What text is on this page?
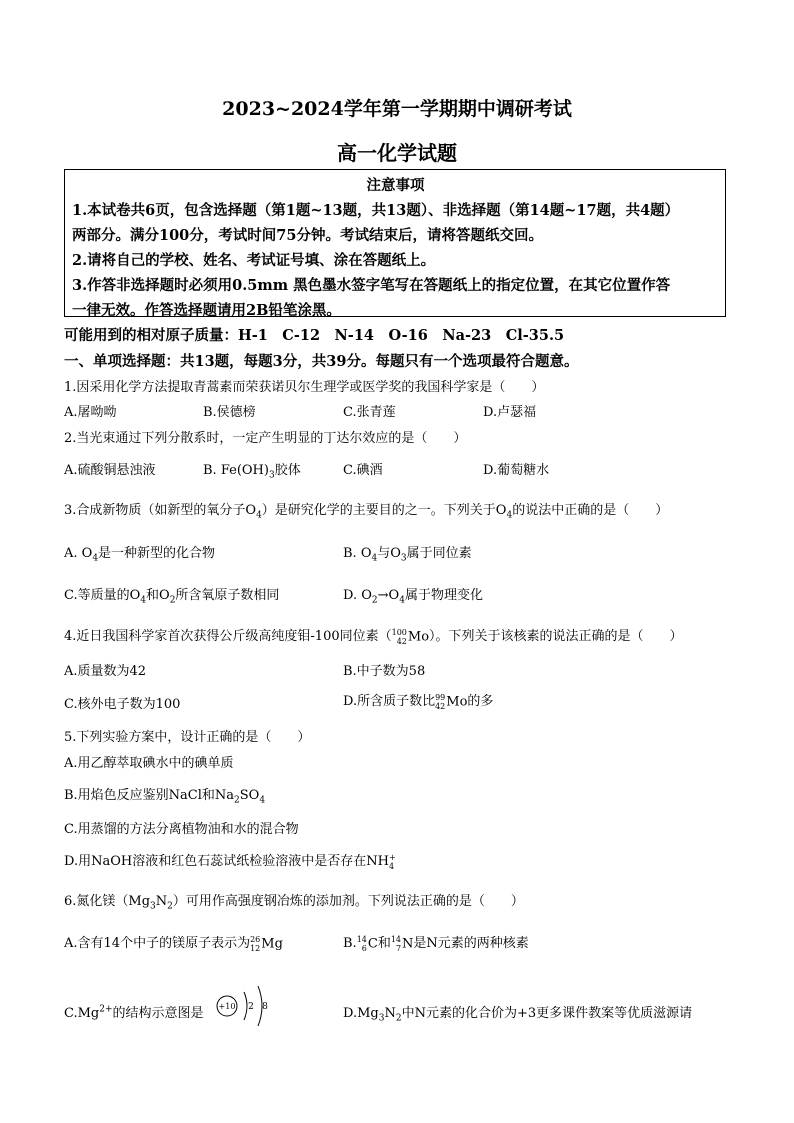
2023~2024学年第一学期期中调研考试
高一化学试题
注意事项
1.本试卷共6页，包含选择题（第1题~13题，共13题）、非选择题（第14题~17题，共4题）
两部分。满分100分，考试时间75分钟。考试结束后，请将答题纸交回。
2.请将自己的学校、姓名、考试证号填、涂在答题纸上。
3.作答非选择题时必须用0.5mm 黑色墨水签字笔写在答题纸上的指定位置，在其它位置作答
一律无效。作答选择题请用2B铅笔涂黑。
可能用到的相对原子质量：H-1　C-12　N-14　O-16　Na-23　Cl-35.5
一、单项选择题：共13题，每题3分，共39分。每题只有一个选项最符合题意。
1.因采用化学方法提取青蒿素而荣获诺贝尔生理学或医学奖的我国科学家是（　　）
A.屠呦呦	B.侯德榜	C.张青莲	D.卢瑟福
2.当光束通过下列分散系时，一定产生明显的丁达尔效应的是（　　）
A.硫酸铜悬浊液	B. $Fe(OH)_3$胶体	C.碘酒	D.葡萄糖水
3.合成新物质（如新型的氧分子$O_4$）是研究化学的主要目的之一。下列关于$O_4$的说法中正确的是（　　）
A. $O_4$是一种新型的化合物	B. $O_4$与$O_3$属于同位素
C.等质量的$O_4$和$O_2$所含氧原子数相同	D. $O_2\to O_4$属于物理变化
4.近日我国科学家首次获得公斤级高纯度钼-100同位素（ 100
42 Mo）。下列关于该核素的说法正确的是（　　）
A.质量数为42	B.中子数为58
C.核外电子数为100	D.所含质子数比 99
42 Mo的多
5.下列实验方案中，设计正确的是（　　）
A.用乙醇萃取碘水中的碘单质
B.用焰色反应鉴别NaCl和$Na_2SO_4$
C.用蒸馏的方法分离植物油和水的混合物
D.用NaOH溶液和红色石蕊试纸检验溶液中是否存在NH +
4
6.氮化镁$(Mg_3N_2)$可用作高强度钢冶炼的添加剂。下列说法正确的是（　　）
A.含有14个中子的镁原子表示为 26
12 Mg	B. 14
6 C和 14
7 N是N元素的两种核素
$C.Mg^{2+}$的结构示意图是 +10 2 8	$D.Mg_3N_2$中N元素的化合价为+3更多课件教案等优质滋源请
